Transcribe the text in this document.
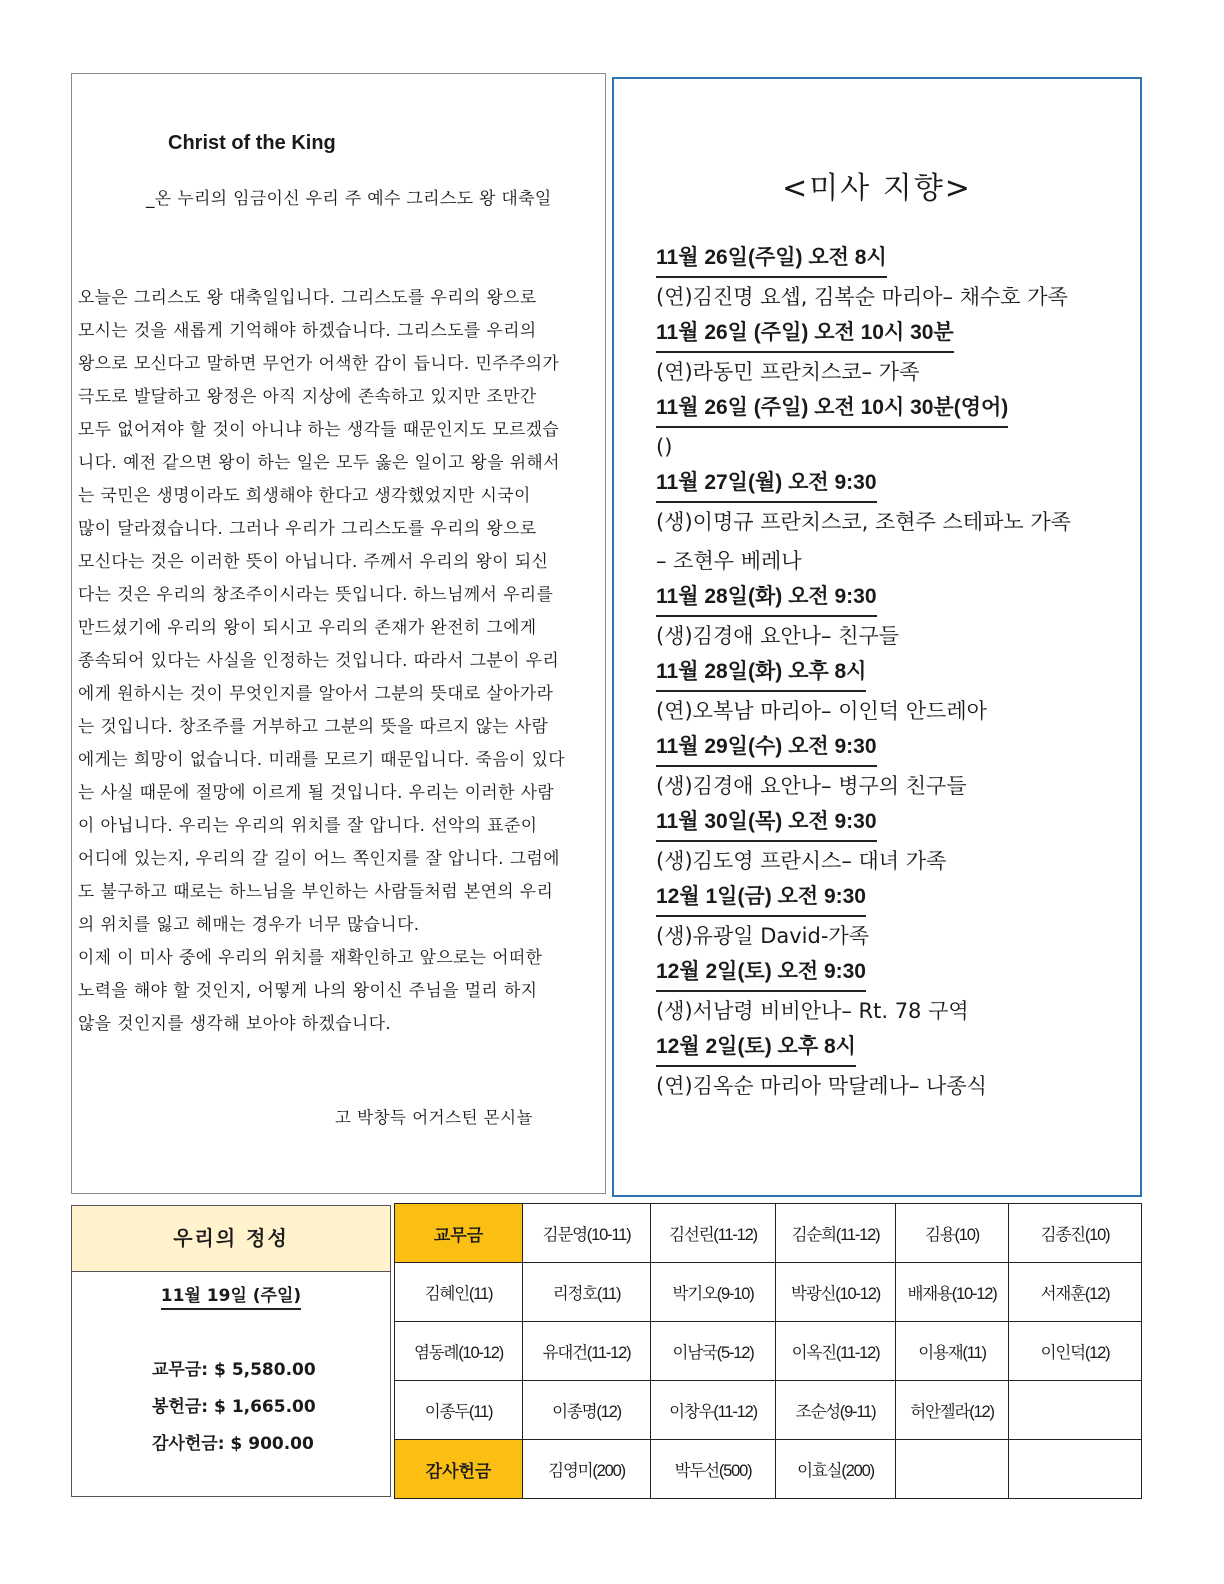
Christ of the King
_온 누리의 임금이신 우리 주 예수 그리스도 왕 대축일

오늘은 그리스도 왕 대축일입니다. 그리스도를 우리의 왕으로

모시는 것을 새롭게 기억해야 하겠습니다. 그리스도를 우리의

왕으로 모신다고 말하면 무언가 어색한 감이 듭니다. 민주주의가

극도로 발달하고 왕정은 아직 지상에 존속하고 있지만 조만간

모두 없어져야 할 것이 아니냐 하는 생각들 때문인지도 모르겠습

니다. 예전 같으면 왕이 하는 일은 모두 옳은 일이고 왕을 위해서

는 국민은 생명이라도 희생해야 한다고 생각했었지만 시국이

많이 달라졌습니다. 그러나 우리가 그리스도를 우리의 왕으로

모신다는 것은 이러한 뜻이 아닙니다. 주께서 우리의 왕이 되신

다는 것은 우리의 창조주이시라는 뜻입니다. 하느님께서 우리를

만드셨기에 우리의 왕이 되시고 우리의 존재가 완전히 그에게

종속되어 있다는 사실을 인정하는 것입니다. 따라서 그분이 우리

에게 원하시는 것이 무엇인지를 알아서 그분의 뜻대로 살아가라

는 것입니다. 창조주를 거부하고 그분의 뜻을 따르지 않는 사람

에게는 희망이 없습니다. 미래를 모르기 때문입니다. 죽음이 있다

는 사실 때문에 절망에 이르게 될 것입니다. 우리는 이러한 사람

이 아닙니다. 우리는 우리의 위치를 잘 압니다. 선악의 표준이

어디에 있는지, 우리의 갈 길이 어느 쪽인지를 잘 압니다. 그럼에

도 불구하고 때로는 하느님을 부인하는 사람들처럼 본연의 우리

의 위치를 잃고 헤매는 경우가 너무 많습니다.

이제 이 미사 중에 우리의 위치를 재확인하고 앞으로는 어떠한

노력을 해야 할 것인지, 어떻게 나의 왕이신 주님을 멀리 하지

않을 것인지를 생각해 보아야 하겠습니다.

고 박창득 어거스틴 몬시뇰
<미사 지향>
11월 26일(주일) 오전 8시
(연)김진명 요셉, 김복순 마리아– 채수호 가족
11월 26일 (주일) 오전 10시 30분
(연)라동민 프란치스코– 가족
11월 26일 (주일) 오전 10시 30분(영어)
()
11월 27일(월) 오전 9:30
(생)이명규 프란치스코, 조현주 스테파노 가족
– 조현우 베레나
11월 28일(화) 오전 9:30
(생)김경애 요안나– 친구들
11월 28일(화) 오후 8시
(연)오복남 마리아– 이인덕 안드레아
11월 29일(수) 오전 9:30
(생)김경애 요안나– 병구의 친구들
11월 30일(목) 오전 9:30
(생)김도영 프란시스– 대녀 가족
12월 1일(금) 오전 9:30
(생)유광일 David-가족
12월 2일(토) 오전 9:30
(생)서남령 비비안나– Rt. 78 구역
12월 2일(토) 오후 8시
(연)김옥순 마리아 막달레나– 나종식
우리의 정성
11월 19일 (주일)
교무금: $ 5,580.00
봉헌금: $ 1,665.00
감사헌금: $ 900.00
교무금	김문영(10-11)	김선린(11-12)	김순희(11-12)	김용(10)	김종진(10)
김혜인(11)	리정호(11)	박기오(9-10)	박광신(10-12)	배재용(10-12)	서재훈(12)
염동례(10-12)	유대건(11-12)	이남국(5-12)	이옥진(11-12)	이용재(11)	이인덕(12)
이종두(11)	이종명(12)	이창우(11-12)	조순성(9-11)	허안젤라(12)	
감사헌금	김영미(200)	박두선(500)	이효실(200)		
